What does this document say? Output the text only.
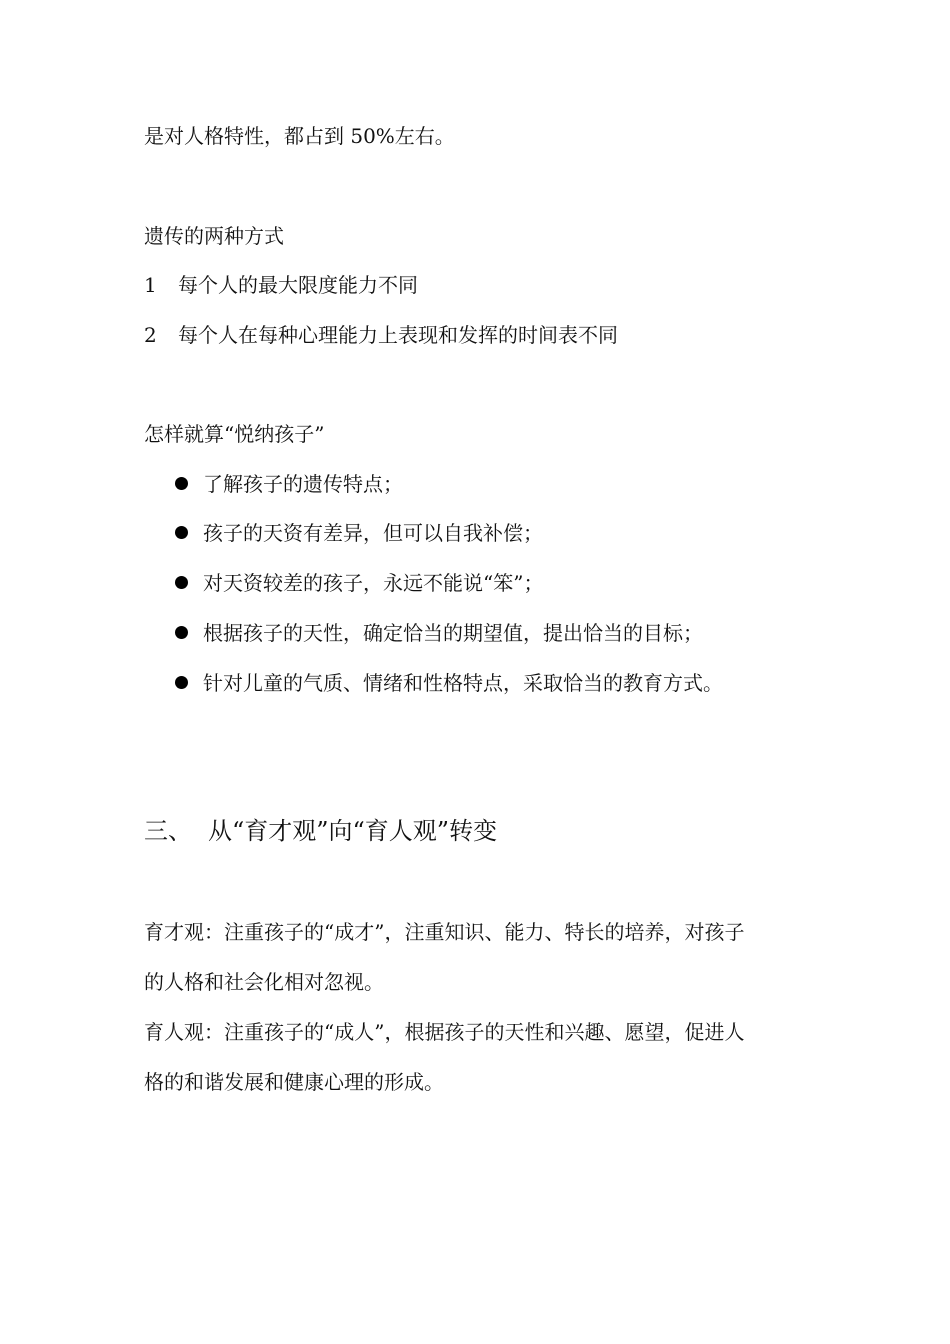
是对人格特性，都占到 50%左右。
遗传的两种方式
1 每个人的最大限度能力不同
2 每个人在每种心理能力上表现和发挥的时间表不同
怎样就算“悦纳孩子”
了解孩子的遗传特点；
孩子的天资有差异，但可以自我补偿；
对天资较差的孩子，永远不能说“笨”；
根据孩子的天性，确定恰当的期望值，提出恰当的目标；
针对儿童的气质、情绪和性格特点，采取恰当的教育方式。
三、 从“育才观”向“育人观”转变
育才观：注重孩子的“成才”，注重知识、能力、特长的培养，对孩子
的人格和社会化相对忽视。
育人观：注重孩子的“成人”，根据孩子的天性和兴趣、愿望，促进人
格的和谐发展和健康心理的形成。
